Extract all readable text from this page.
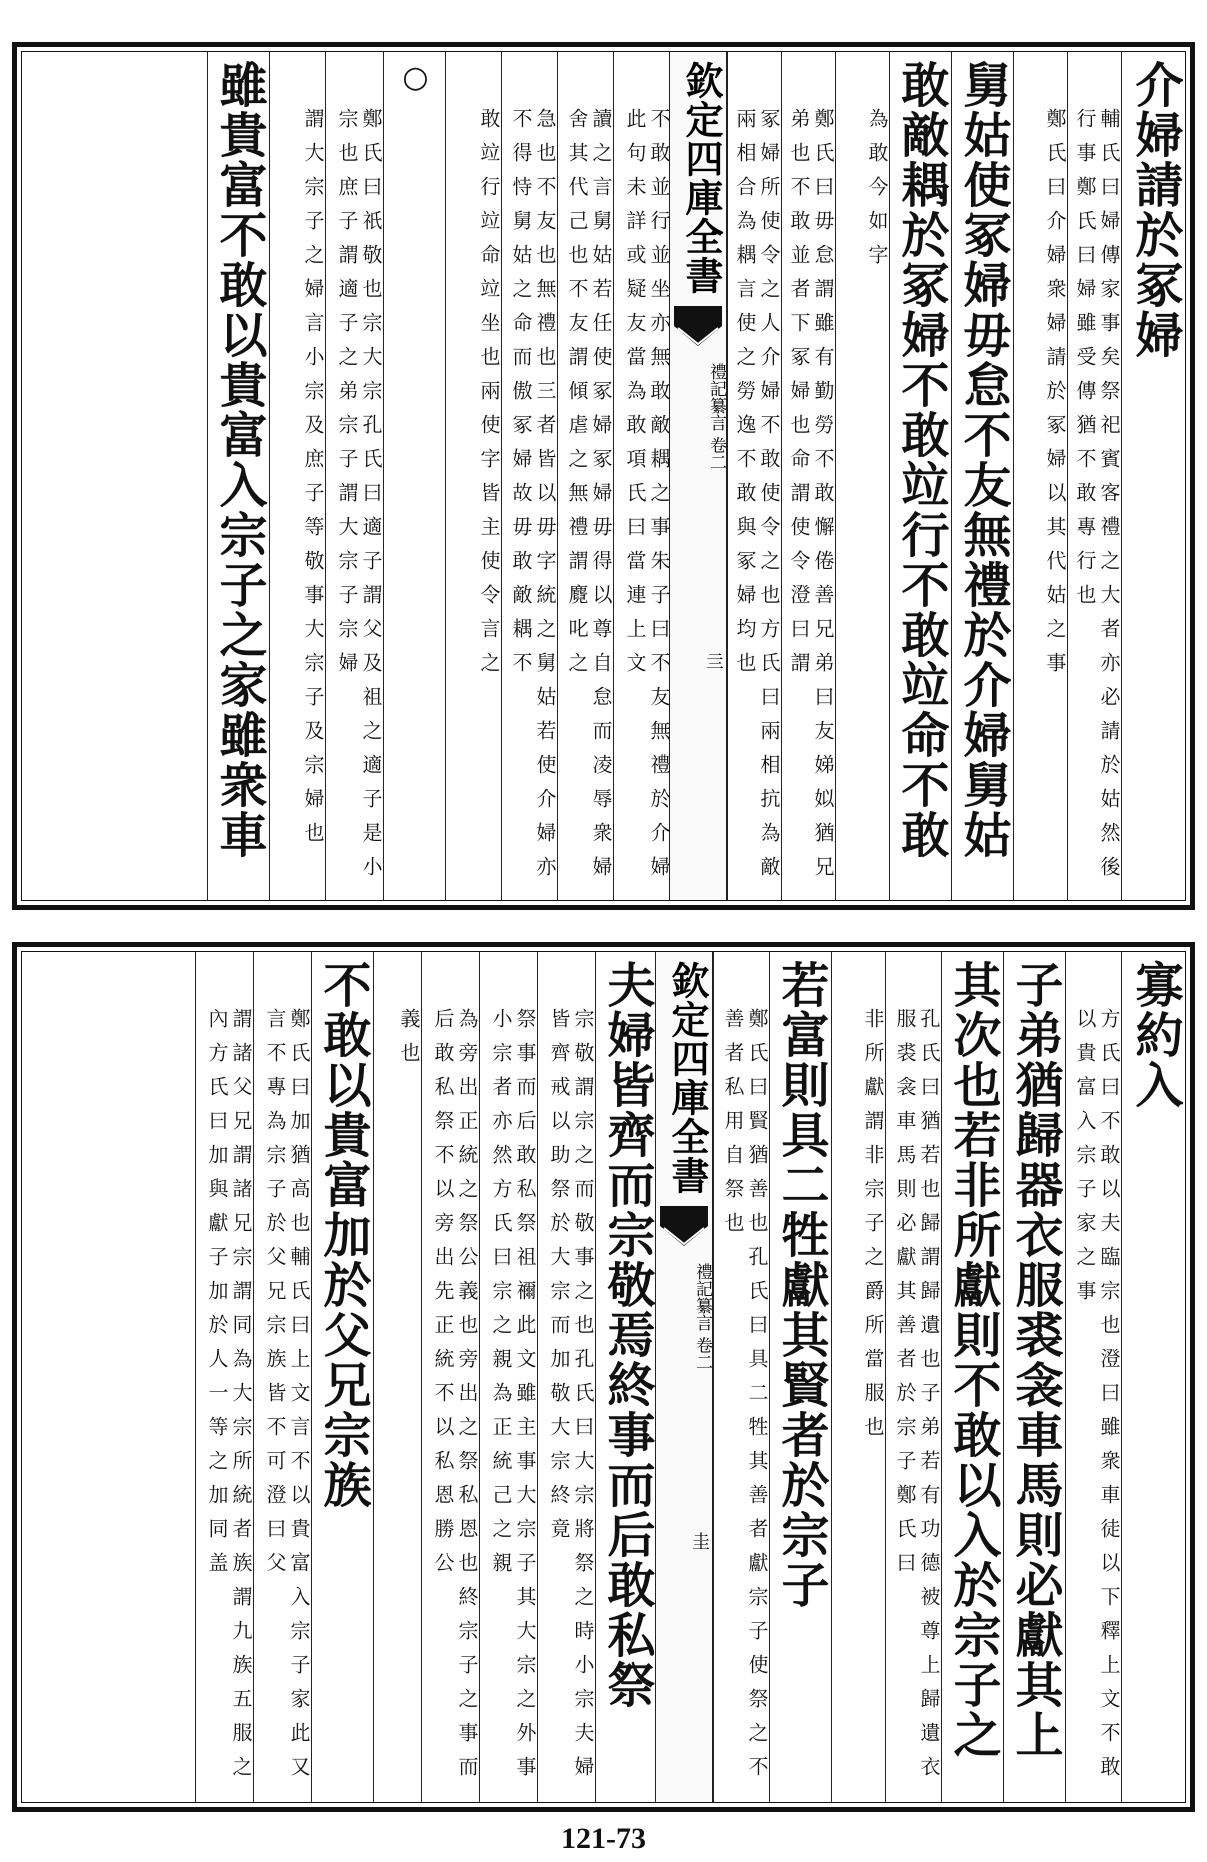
介婦請於冢婦
輔氏曰婦傳家事矣祭祀賓客禮之大者亦必請於姑然後行事鄭氏曰婦雖受傳猶不敢專行也
鄭氏曰介婦衆婦請於冢婦以其代姑之事
舅姑使冢婦毋怠不友無禮於介婦舅姑
敢敵耦於冢婦不敢竝行不敢竝命不敢
為敢今如字
鄭氏曰毋怠謂雖有勤勞不敢懈倦善兄弟曰友娣姒猶兄弟也不敢並者下冢婦也命謂使令澄曰謂
冢婦所使令之人介婦不敢使令之也方氏曰兩相抗為敵兩相合為耦言使之勞逸不敢與冢婦均也
欽定四庫全書
禮記纂言 卷二
亖
不敢並行並坐亦無敢敵耦之事朱子曰不友無禮於介婦此句未詳或疑友當為敢項氏曰當連上文
讀之言舅姑若任使冢婦冢婦毋得以尊自怠而凌辱衆婦舍其代己也不友謂傾虐之無禮謂麑叱之
急也不友也無禮也三者皆以毋字統之舅姑若使介婦亦不得恃舅姑之命而傲冢婦故毋敢敵耦不
敢竝行竝命竝坐也兩使字皆主使令言之
○
鄭氏曰祇敬也宗大宗孔氏曰適子謂父及祖之適子是小宗也庶子謂適子之弟宗子謂大宗子宗婦
謂大宗子之婦言小宗及庶子等敬事大宗子及宗婦也
雖貴富不敢以貴富入宗子之家雖衆車
寡約入
方氏曰不敢以夫臨宗也澄曰雖衆車徒以下釋上文不敢以貴富入宗子家之事
子弟猶歸器衣服裘衾車馬則必獻其上
其次也若非所獻則不敢以入於宗子之
孔氏曰猶若也歸謂歸遺也子弟若有功德被尊上歸遺衣服裘衾車馬則必獻其善者於宗子鄭氏曰
非所獻謂非宗子之爵所當服也
若富則具二牲獻其賢者於宗子
鄭氏曰賢猶善也孔氏曰具二牲其善者獻宗子使祭之不善者私用自祭也
欽定四庫全書
禮記纂言 卷二
圭
夫婦皆齊而宗敬焉終事而后敢私祭
宗敬謂宗之而敬事之也孔氏曰大宗將祭之時小宗夫婦皆齊戒以助祭於大宗而加敬大宗終竟
祭事而后敢私祭祖禰此文雖主事大宗子其大宗之外事小宗者亦然方氏曰宗之親為正統己之親
為旁出正統之祭公義也旁出之祭私恩也終宗子之事而后敢私祭不以旁出先正統不以私恩勝公
義也
不敢以貴富加於父兄宗族
鄭氏曰加猶高也輔氏曰上文言不以貴富入宗子家此又言不專為宗子於父兄宗族皆不可澄曰父
謂諸父兄謂諸兄宗謂同為大宗所統者族謂九族五服之內方氏曰加與獻子加於人一等之加同盖
121-73
